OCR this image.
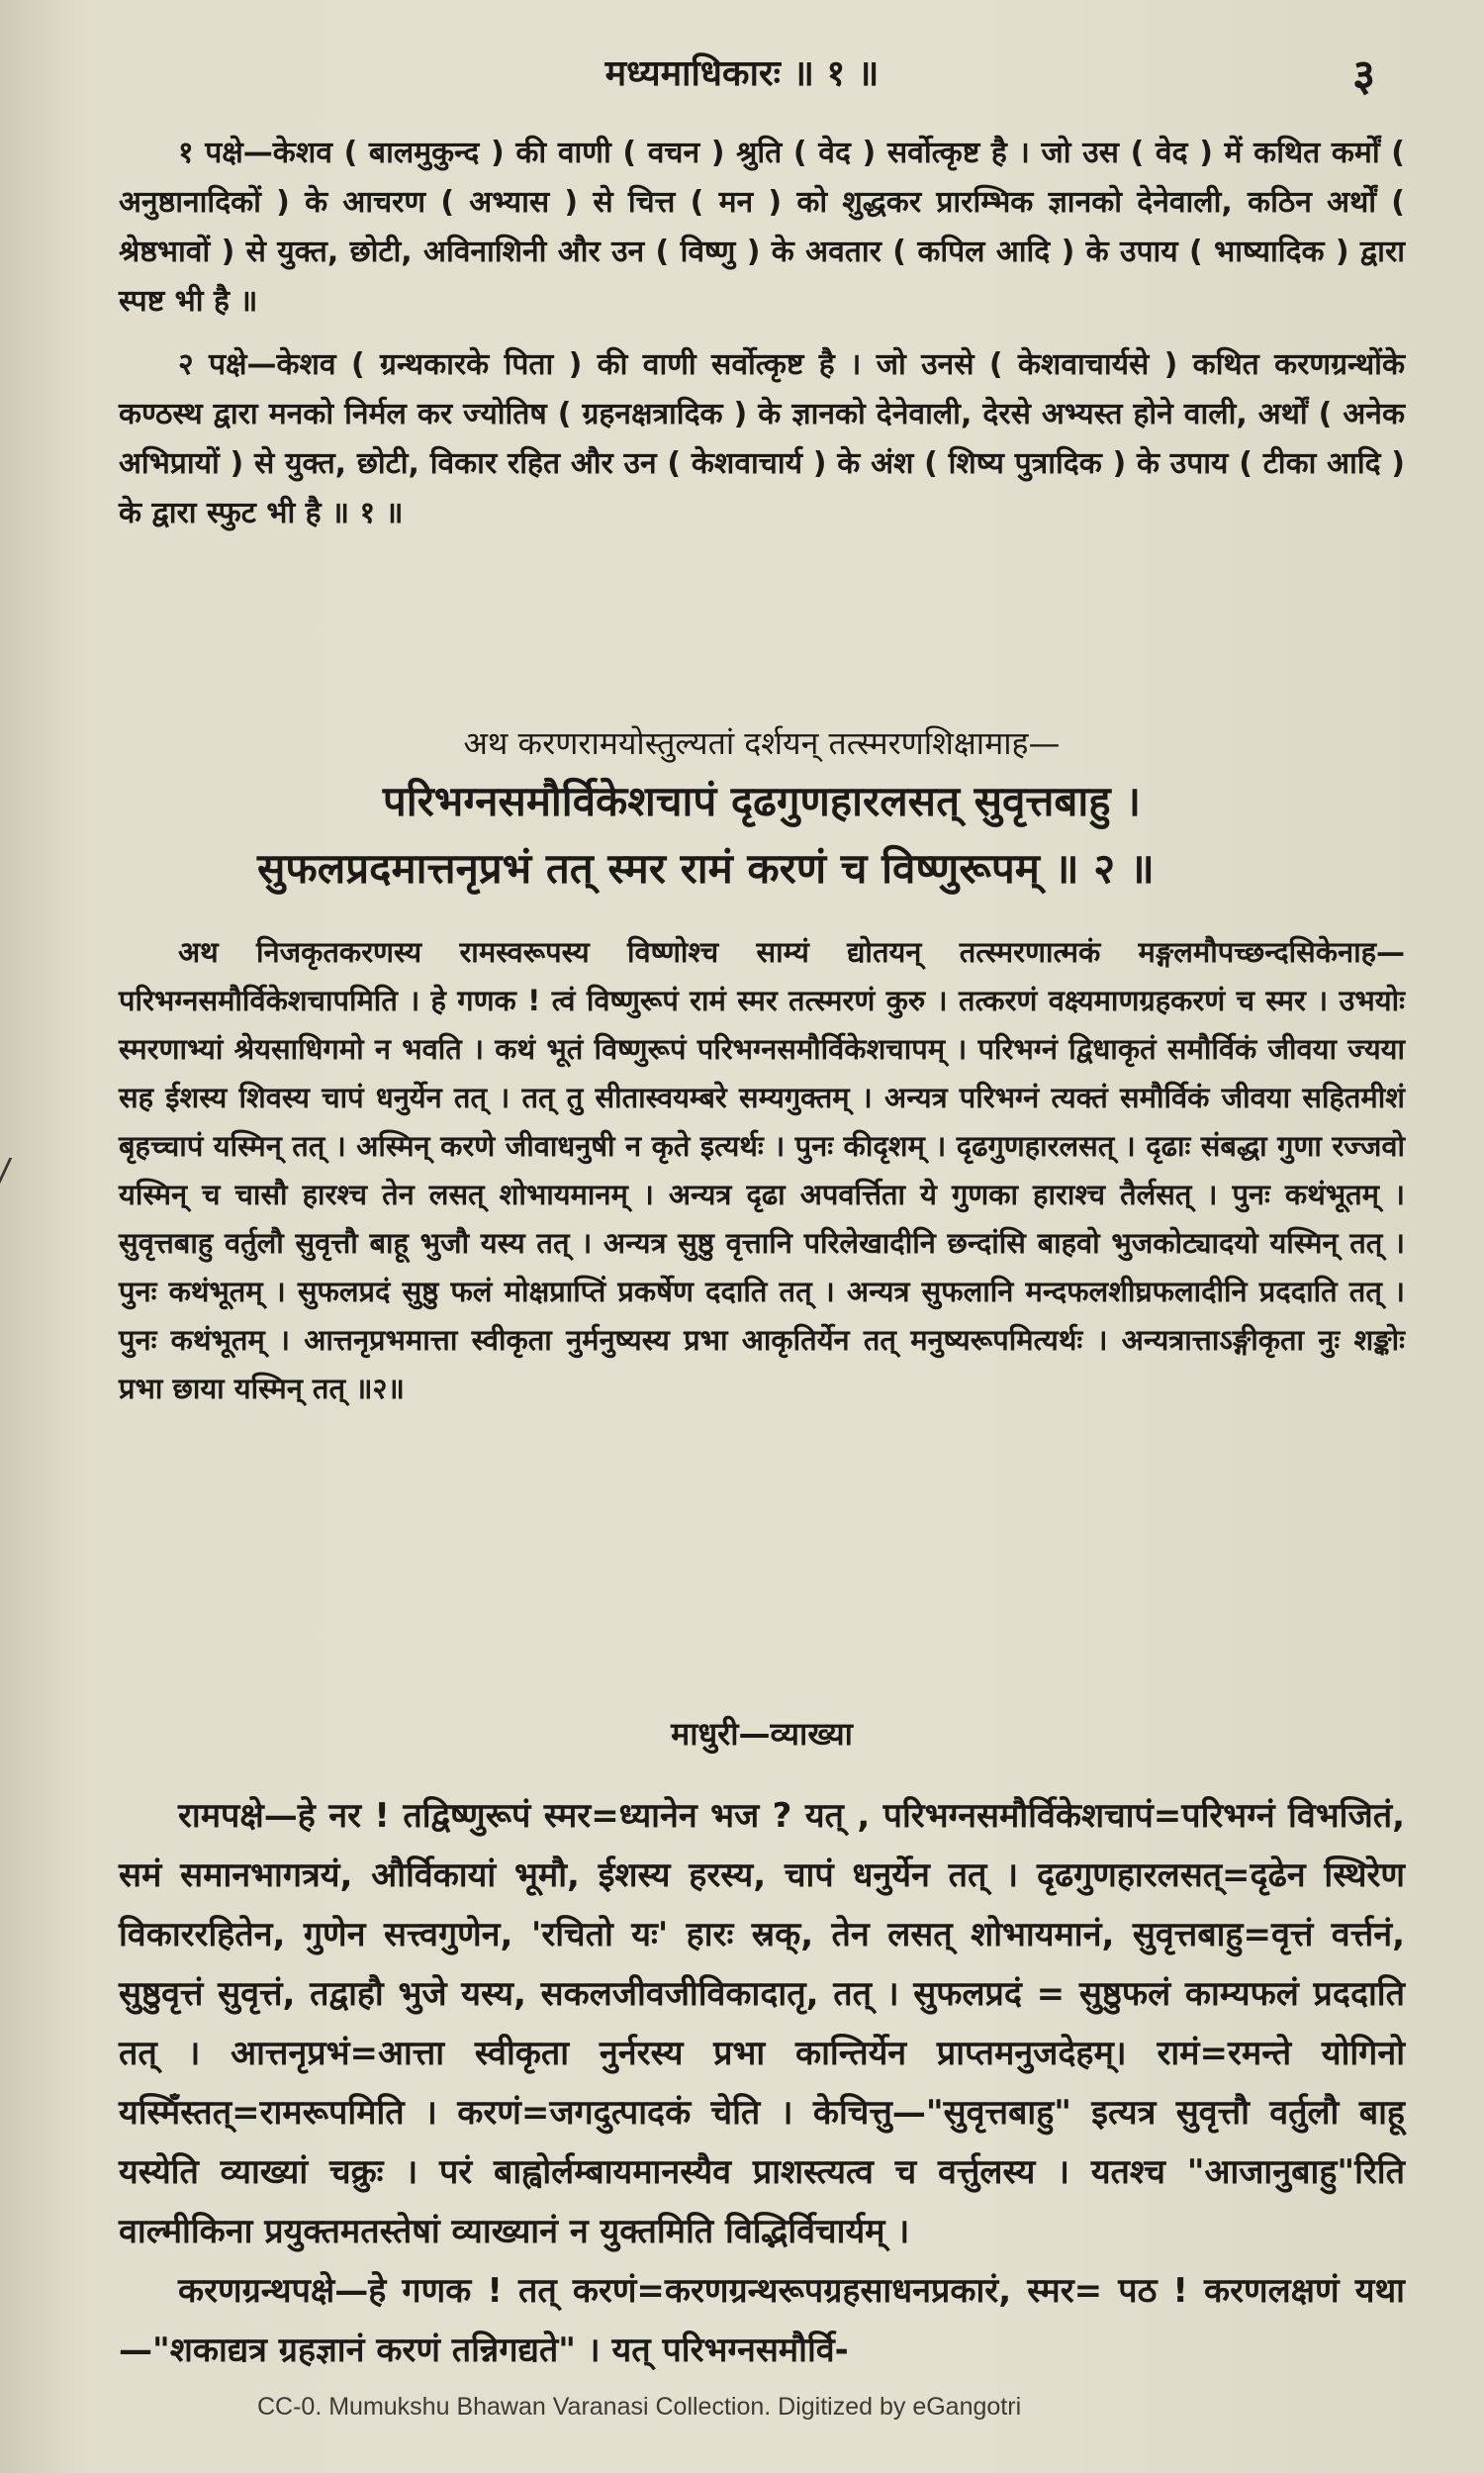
मध्यमाधिकारः ॥ १ ॥	३

१ पक्षे—केशव ( बालमुकुन्द ) की वाणी ( वचन ) श्रुति ( वेद ) सर्वोत्कृष्ट है । जो उस ( वेद ) में कथित कर्मों ( अनुष्ठानादिकों ) के आचरण ( अभ्यास ) से चित्त ( मन ) को शुद्धकर प्रारम्भिक ज्ञानको देनेवाली, कठिन अर्थों ( श्रेष्ठभावों ) से युक्त, छोटी, अविनाशिनी और उन ( विष्णु ) के अवतार ( कपिल आदि ) के उपाय ( भाष्यादिक ) द्वारा स्पष्ट भी है ॥

२ पक्षे—केशव ( ग्रन्थकारके पिता ) की वाणी सर्वोत्कृष्ट है । जो उनसे ( केशवाचार्यसे ) कथित करणग्रन्थोंके कण्ठस्थ द्वारा मनको निर्मल कर ज्योतिष ( ग्रहनक्षत्रादिक ) के ज्ञानको देनेवाली, देरसे अभ्यस्त होने वाली, अर्थों ( अनेक अभिप्रायों ) से युक्त, छोटी, विकार रहित और उन ( केशवाचार्य ) के अंश ( शिष्य पुत्रादिक ) के उपाय ( टीका आदि ) के द्वारा स्फुट भी है ॥ १ ॥

अथ करणरामयोस्तुल्यतां दर्शयन् तत्स्मरणशिक्षामाह—

परिभग्नसमौर्विकेशचापं दृढगुणहारलसत् सुवृत्तबाहु ।

सुफलप्रदमात्तनृप्रभं तत् स्मर रामं करणं च विष्णुरूपम् ॥ २ ॥

अथ निजकृतकरणस्य रामस्वरूपस्य विष्णोश्च साम्यं द्योतयन् तत्स्मरणात्मकं मङ्गलमौपच्छन्दसिकेनाह—परिभग्नसमौर्विकेशचापमिति । हे गणक ! त्वं विष्णुरूपं रामं स्मर तत्स्मरणं कुरु । तत्करणं वक्ष्यमाणग्रहकरणं च स्मर । उभयोः स्मरणाभ्यां श्रेयसाधिगमो न भवति । कथं भूतं विष्णुरूपं परिभग्नसमौर्विकेशचापम् । परिभग्नं द्विधाकृतं समौर्विकं जीवया ज्यया सह ईशस्य शिवस्य चापं धनुर्येन तत् । तत् तु सीतास्वयम्बरे सम्यगुक्तम् । अन्यत्र परिभग्नं त्यक्तं समौर्विकं जीवया सहितमीशं बृहच्चापं यस्मिन् तत् । अस्मिन् करणे जीवाधनुषी न कृते इत्यर्थः । पुनः कीदृशम् । दृढगुणहारलसत् । दृढाः संबद्धा गुणा रज्जवो यस्मिन् च चासौ हारश्च तेन लसत् शोभायमानम् । अन्यत्र दृढा अपवर्त्तिता ये गुणका हाराश्च तैर्लसत् । पुनः कथंभूतम् । सुवृत्तबाहु वर्तुलौ सुवृत्तौ बाहू भुजौ यस्य तत् । अन्यत्र सुष्ठु वृत्तानि परिलेखादीनि छन्दांसि बाहवो भुजकोट्यादयो यस्मिन् तत् । पुनः कथंभूतम् । सुफलप्रदं सुष्ठु फलं मोक्षप्राप्तिं प्रकर्षेण ददाति तत् । अन्यत्र सुफलानि मन्दफलशीघ्रफलादीनि प्रददाति तत् । पुनः कथंभूतम् । आत्तनृप्रभमात्ता स्वीकृता नुर्मनुष्यस्य प्रभा आकृतिर्येन तत् मनुष्यरूपमित्यर्थः । अन्यत्रात्ताऽङ्गीकृता नुः शङ्कोः प्रभा छाया यस्मिन् तत् ॥२॥

माधुरी—व्याख्या

रामपक्षे—हे नर ! तद्विष्णुरूपं स्मर=ध्यानेन भज ? यत् , परिभग्नसमौर्विकेशचापं=परिभग्नं विभजितं, समं समानभागत्रयं, और्विकायां भूमौ, ईशस्य हरस्य, चापं धनुर्येन तत् । दृढगुणहारलसत्=दृढेन स्थिरेण विकाररहितेन, गुणेन सत्त्वगुणेन, 'रचितो यः' हारः स्रक्, तेन लसत् शोभायमानं, सुवृत्तबाहु=वृत्तं वर्त्तनं, सुष्ठुवृत्तं सुवृत्तं, तद्वाहौ भुजे यस्य, सकलजीवजीविकादातृ, तत् । सुफलप्रदं = सुष्ठुफलं काम्यफलं प्रददाति तत् । आत्तनृप्रभं=आत्ता स्वीकृता नुर्नरस्य प्रभा कान्तिर्येन प्राप्तमनुजदेहम्। रामं=रमन्ते योगिनो यस्मिँस्तत्=रामरूपमिति । करणं=जगदुत्पादकं चेति । केचित्तु—"सुवृत्तबाहु" इत्यत्र सुवृत्तौ वर्तुलौ बाहू यस्येति व्याख्यां चक्रुः । परं बाह्वोर्लम्बायमानस्यैव प्राशस्त्यत्व च वर्त्तुलस्य । यतश्च "आजानुबाहु"रिति वाल्मीकिना प्रयुक्तमतस्तेषां व्याख्यानं न युक्तमिति विद्भिर्विचार्यम् ।

करणग्रन्थपक्षे—हे गणक ! तत् करणं=करणग्रन्थरूपग्रहसाधनप्रकारं, स्मर= पठ ! करणलक्षणं यथा—"शकाद्यत्र ग्रहज्ञानं करणं तन्निगद्यते" । यत् परिभग्नसमौर्वि-

CC-0. Mumukshu Bhawan Varanasi Collection. Digitized by eGangotri
